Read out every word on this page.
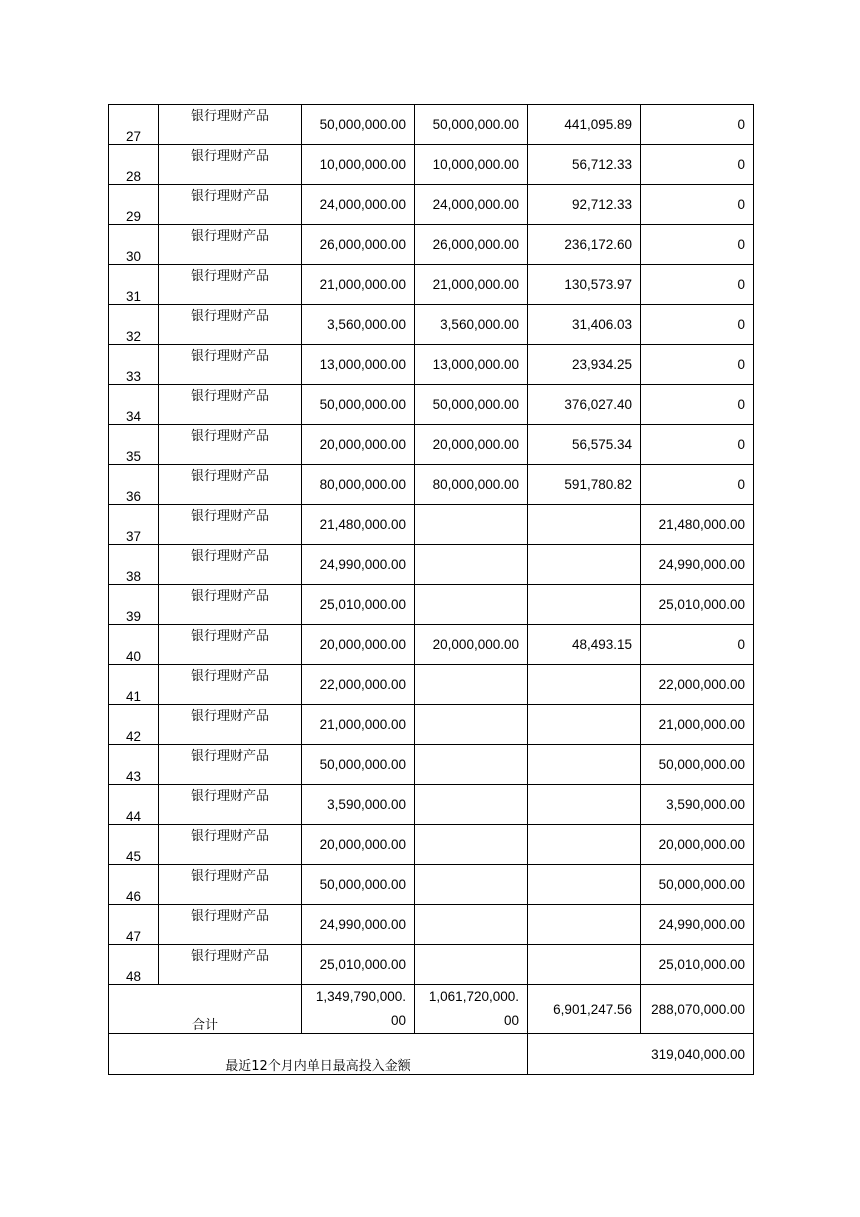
27	银行理财产品	50,000,000.00	50,000,000.00	441,095.89	0
28	银行理财产品	10,000,000.00	10,000,000.00	56,712.33	0
29	银行理财产品	24,000,000.00	24,000,000.00	92,712.33	0
30	银行理财产品	26,000,000.00	26,000,000.00	236,172.60	0
31	银行理财产品	21,000,000.00	21,000,000.00	130,573.97	0
32	银行理财产品	3,560,000.00	3,560,000.00	31,406.03	0
33	银行理财产品	13,000,000.00	13,000,000.00	23,934.25	0
34	银行理财产品	50,000,000.00	50,000,000.00	376,027.40	0
35	银行理财产品	20,000,000.00	20,000,000.00	56,575.34	0
36	银行理财产品	80,000,000.00	80,000,000.00	591,780.82	0
37	银行理财产品	21,480,000.00			21,480,000.00
38	银行理财产品	24,990,000.00			24,990,000.00
39	银行理财产品	25,010,000.00			25,010,000.00
40	银行理财产品	20,000,000.00	20,000,000.00	48,493.15	0
41	银行理财产品	22,000,000.00			22,000,000.00
42	银行理财产品	21,000,000.00			21,000,000.00
43	银行理财产品	50,000,000.00			50,000,000.00
44	银行理财产品	3,590,000.00			3,590,000.00
45	银行理财产品	20,000,000.00			20,000,000.00
46	银行理财产品	50,000,000.00			50,000,000.00
47	银行理财产品	24,990,000.00			24,990,000.00
48	银行理财产品	25,010,000.00			25,010,000.00
合计		1,349,790,000.00	1,061,720,000.00	6,901,247.56	288,070,000.00
最近12个月内单日最高投入金额				319,040,000.00	
